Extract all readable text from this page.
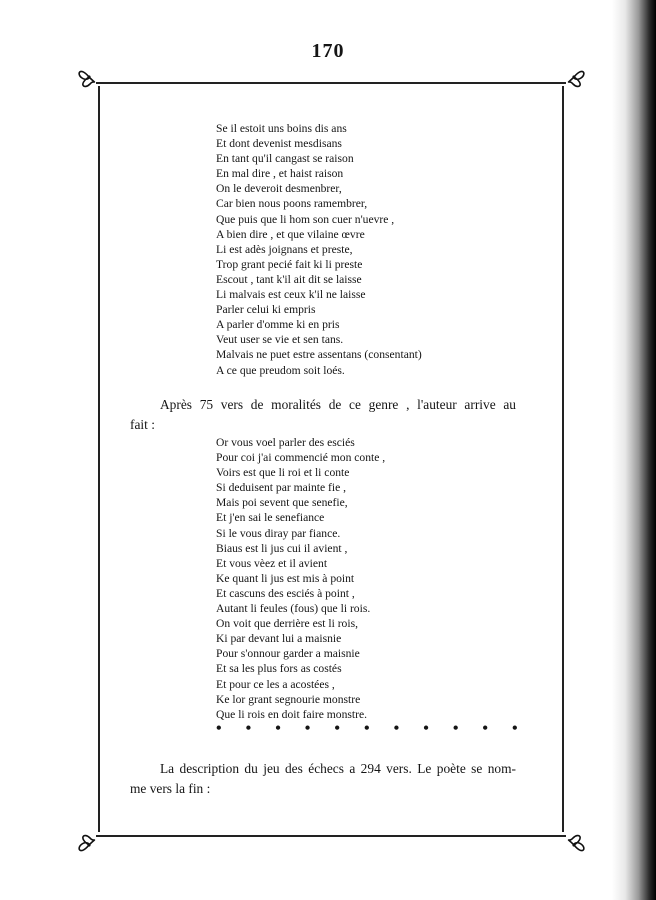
170
Se il estoit uns boins dis ans
Et dont devenist mesdisans
En tant qu'il cangast se raison
En mal dire , et haist raison
On le deveroit desmenbrer,
Car bien nous poons ramembrer,
Que puis que li hom son cuer n'uevre ,
A bien dire , et que vilaine œvre
Li est adès joignans et preste,
Trop grant pecié fait ki li preste
Escout , tant k'il ait dit se laisse
Li malvais est ceux k'il ne laisse
Parler celui ki empris
A parler d'omme ki en pris
Veut user se vie et sen tans.
Malvais ne puet estre assentans (consentant)
A ce que preudom soit loés.
Après 75 vers de moralités de ce genre , l'auteur arrive au
fait :
Or vous voel parler des esciés
Pour coi j'ai commencié mon conte ,
Voirs est que li roi et li conte
Si deduisent par mainte fie ,
Mais poi sevent que senefie,
Et j'en sai le senefiance
Si le vous diray par fiance.
Biaus est li jus cui il avient ,
Et vous vèez et il avient
Ke quant li jus est mis à point
Et cascuns des esciés à point ,
Autant li feules (fous) que li rois.
On voit que derrière est li rois,
Ki par devant lui a maisnie
Pour s'onnour garder a maisnie
Et sa les plus fors as costés
Et pour ce les a acostées ,
Ke lor grant segnourie monstre
Que li rois en doit faire monstre.
• • • • • • • • • • •
La description du jeu des échecs a 294 vers. Le poète se nom-
me vers la fin :
